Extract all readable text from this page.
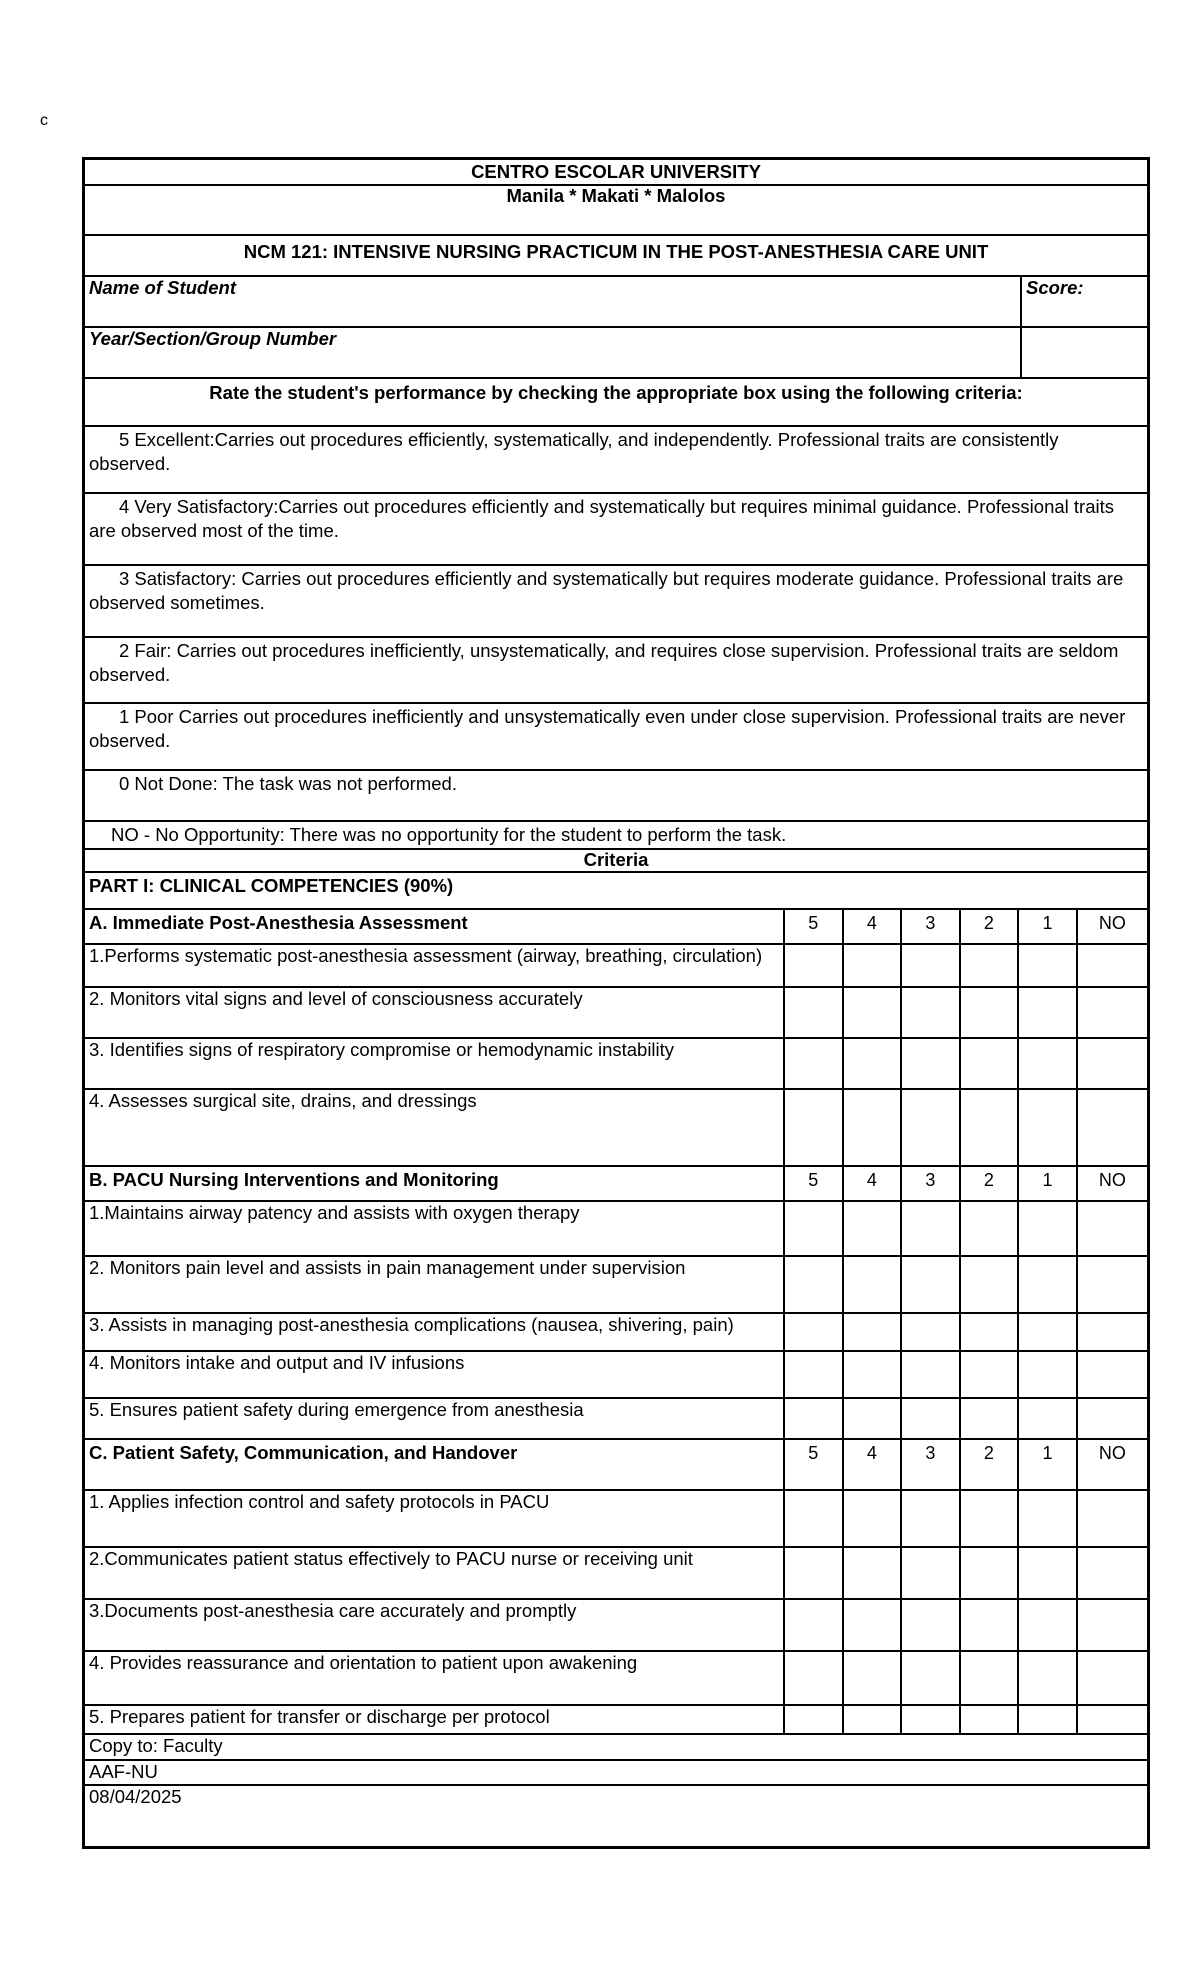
c
CENTRO ESCOLAR UNIVERSITY
Manila * Makati * Malolos
NCM 121: INTENSIVE NURSING PRACTICUM IN THE POST-ANESTHESIA CARE UNIT
Name of Student	Score:
Year/Section/Group Number
Rate the student's performance by checking the appropriate box using the following criteria:
5 Excellent:Carries out procedures efficiently, systematically, and independently. Professional traits are consistently observed.
4 Very Satisfactory:Carries out procedures efficiently and systematically but requires minimal guidance. Professional traits are observed most of the time.
3 Satisfactory: Carries out procedures efficiently and systematically but requires moderate guidance. Professional traits are observed sometimes.
2 Fair: Carries out procedures inefficiently, unsystematically, and requires close supervision. Professional traits are seldom observed.
1 Poor Carries out procedures inefficiently and unsystematically even under close supervision. Professional traits are never observed.
0 Not Done: The task was not performed.
NO - No Opportunity: There was no opportunity for the student to perform the task.
Criteria
PART I: CLINICAL COMPETENCIES (90%)
A. Immediate Post-Anesthesia Assessment	5	4	3	2	1	NO
1.Performs systematic post-anesthesia assessment (airway, breathing, circulation)
2. Monitors vital signs and level of consciousness accurately
3. Identifies signs of respiratory compromise or hemodynamic instability
4. Assesses surgical site, drains, and dressings
B. PACU Nursing Interventions and Monitoring	5	4	3	2	1	NO
1.Maintains airway patency and assists with oxygen therapy
2. Monitors pain level and assists in pain management under supervision
3. Assists in managing post-anesthesia complications (nausea, shivering, pain)
4. Monitors intake and output and IV infusions
5. Ensures patient safety during emergence from anesthesia
C. Patient Safety, Communication, and Handover	5	4	3	2	1	NO
1. Applies infection control and safety protocols in PACU
2.Communicates patient status effectively to PACU nurse or receiving unit
3.Documents post-anesthesia care accurately and promptly
4. Provides reassurance and orientation to patient upon awakening
5. Prepares patient for transfer or discharge per protocol
Copy to: Faculty
AAF-NU
08/04/2025
